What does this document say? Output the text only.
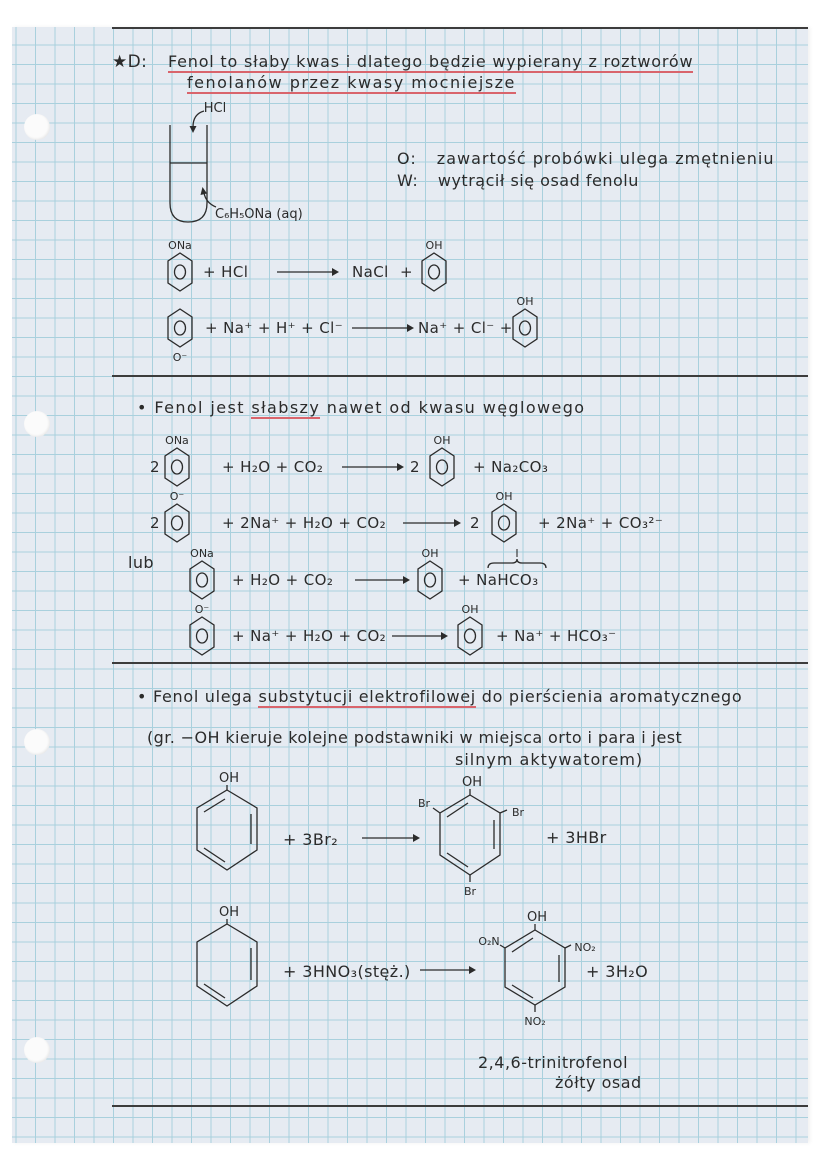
★D: Fenol to słaby kwas i dlatego będzie wypierany z roztworów
fenolanów przez kwasy mocniejsze
HCl
C₆H₅ONa (aq)
O: zawartość probówki ulega zmętnieniu
W: wytrącił się osad fenolu
ONa
+ HCl → NaCl +
OH
O⁻
+ Na⁺ + H⁺ + Cl⁻ → Na⁺ + Cl⁻ +
OH
• Fenol jest słabszy nawet od kwasu węglowego
2
ONa
+ H₂O + CO₂ → 2
OH
+ Na₂CO₃
2
O⁻
+ 2Na⁺ + H₂O + CO₂ → 2
OH
+ 2Na⁺ + CO₃²⁻
lub	ONa
+ H₂O + CO₂ →
OH
+ NaHCO₃
I
O⁻
+ Na⁺ + H₂O + CO₂ →
OH
+ Na⁺ + HCO₃⁻
• Fenol ulega substytucji elektrofilowej do pierścienia aromatycznego
(gr. −OH kieruje kolejne podstawniki w miejsca orto i para i jest
silnym aktywatorem)
OH
+ 3Br₂ →
OH
Br
Br
Br
+ 3HBr
OH
+ 3HNO₃(stęż.) →
OH
O₂N	NO₂
NO₂
+ 3H₂O
2,4,6-trinitrofenol
żółty osad
